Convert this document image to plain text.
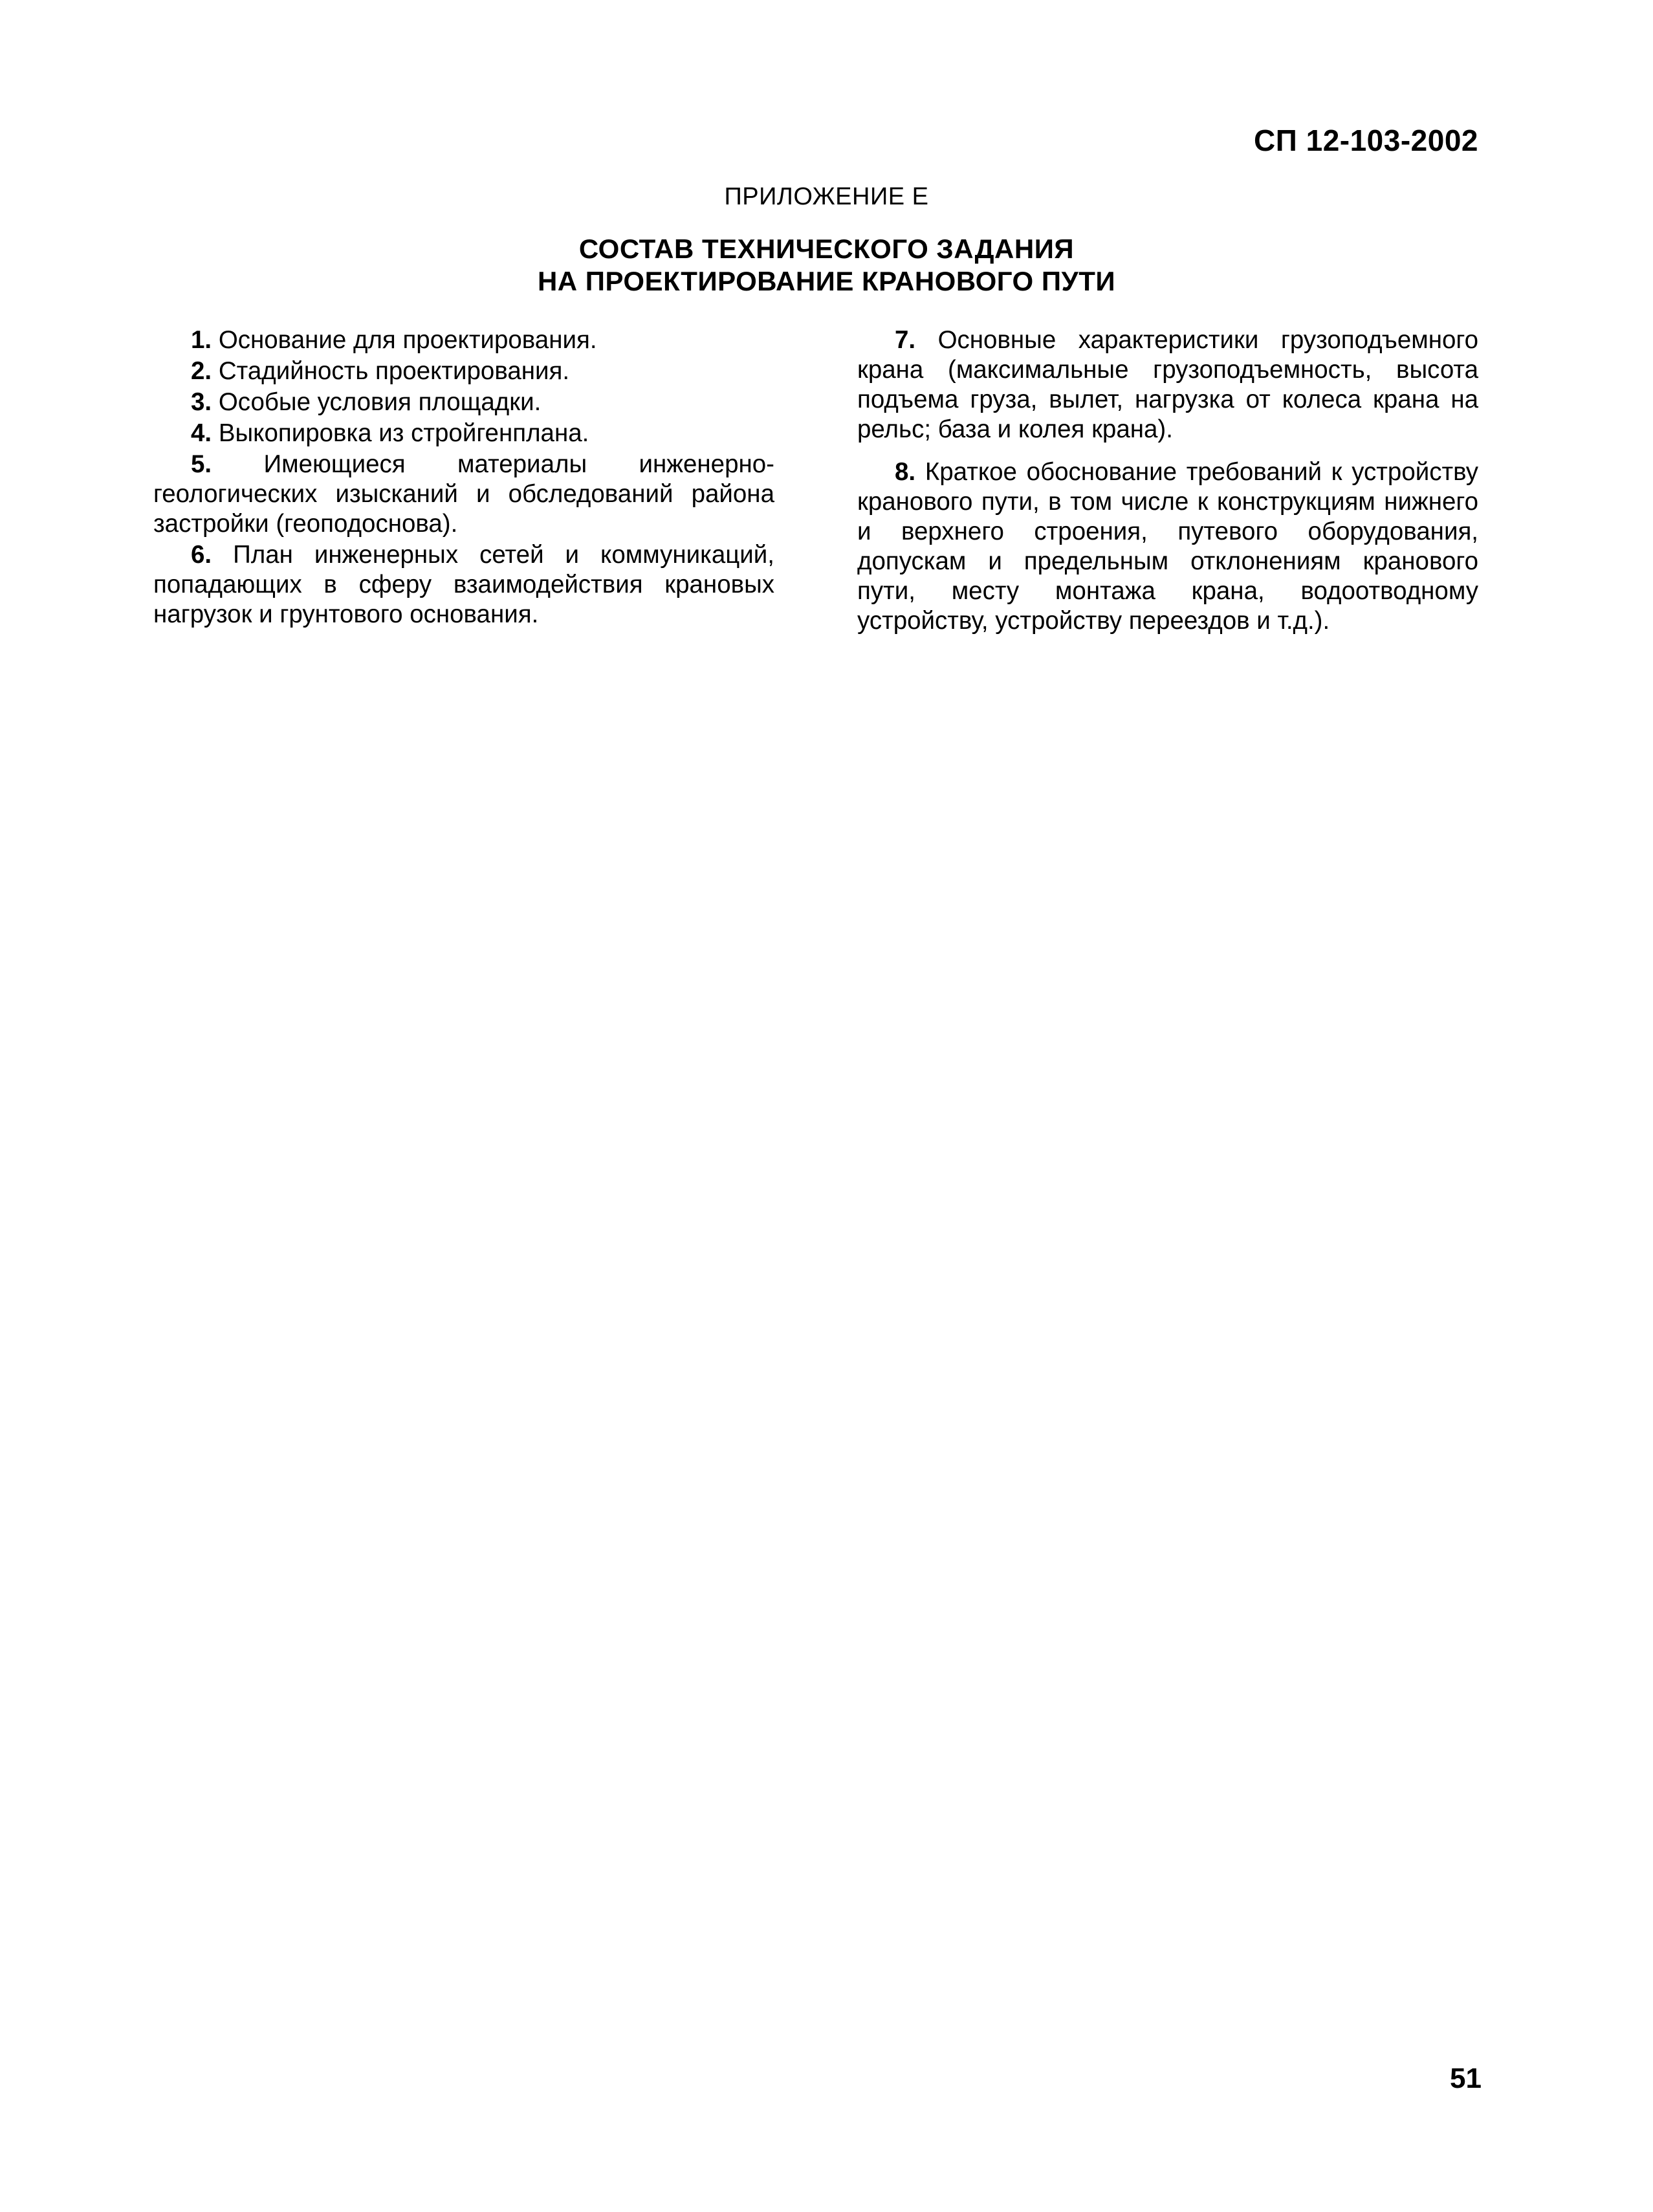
СП 12-103-2002
ПРИЛОЖЕНИЕ Е
СОСТАВ ТЕХНИЧЕСКОГО ЗАДАНИЯ
НА ПРОЕКТИРОВАНИЕ КРАНОВОГО ПУТИ

1. Основание для проектирования.

2. Стадийность проектирования.

3. Особые условия площадки.

4. Выкопировка из стройгенплана.

5. Имеющиеся материалы инженерно-геологических изысканий и обследований района застройки (геоподоснова).

6. План инженерных сетей и коммуникаций, попадающих в сферу взаимодействия крановых нагрузок и грунтового основания.

7. Основные характеристики грузоподъемного крана (максимальные грузоподъемность, высота подъема груза, вылет, нагрузка от колеса крана на рельс; база и колея крана).

8. Краткое обоснование требований к устройству кранового пути, в том числе к конструкциям нижнего и верхнего строения, путевого оборудования, допускам и предельным отклонениям кранового пути, месту монтажа крана, водоотводному устройству, устройству переездов и т.д.).

51
